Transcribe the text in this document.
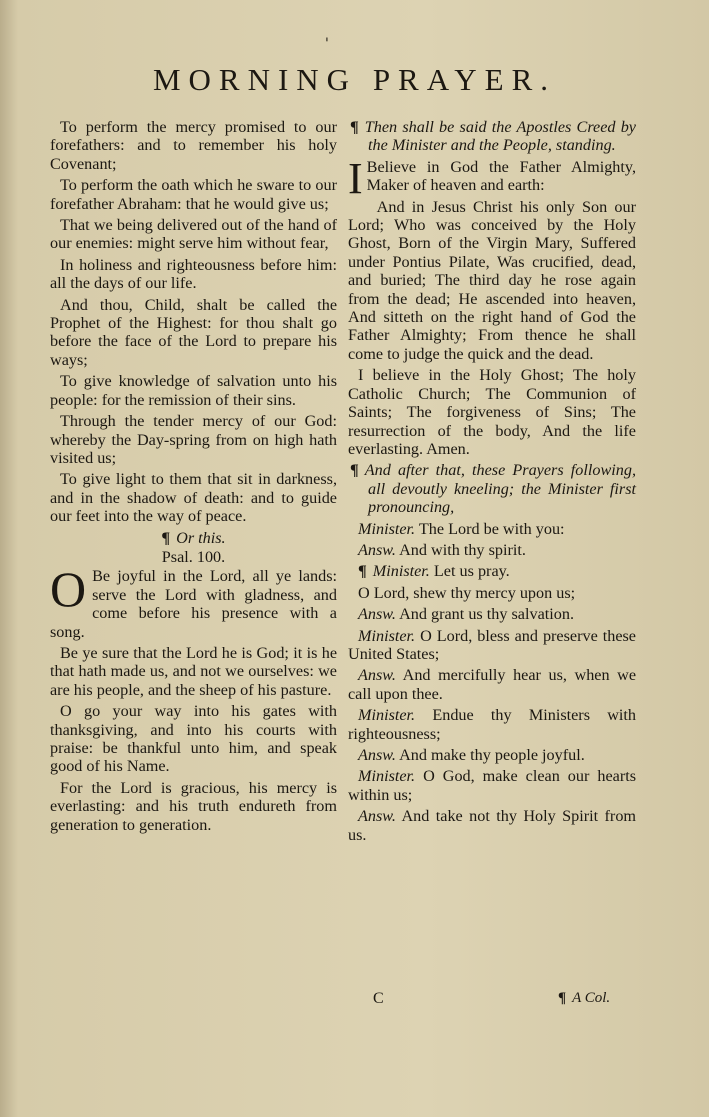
'
MORNING PRAYER.

To perform the mercy promised to our forefathers: and to remember his holy Covenant;

To perform the oath which he sware to our forefather Abraham: that he would give us;

That we being delivered out of the hand of our enemies: might serve him without fear,

In holiness and righteousness before him: all the days of our life.

And thou, Child, shalt be called the Prophet of the Highest: for thou shalt go before the face of the Lord to prepare his ways;

To give knowledge of salvation unto his people: for the remission of their sins.

Through the tender mercy of our God: whereby the Day-spring from on high hath visited us;

To give light to them that sit in darkness, and in the shadow of death: and to guide our feet into the way of peace.

¶ Or this.

Psal. 100.

O Be joyful in the Lord, all ye lands: serve the Lord with gladness, and come before his presence with a song.

Be ye sure that the Lord he is God; it is he that hath made us, and not we ourselves: we are his people, and the sheep of his pasture.

O go your way into his gates with thanksgiving, and into his courts with praise: be thankful unto him, and speak good of his Name.

For the Lord is gracious, his mercy is everlasting: and his truth endureth from generation to generation.

¶ Then shall be said the Apostles Creed by the Minister and the People, standing.

I Believe in God the Father Almighty, Maker of heaven and earth:

And in Jesus Christ his only Son our Lord; Who was conceived by the Holy Ghost, Born of the Virgin Mary, Suffered under Pontius Pilate, Was crucified, dead, and buried; The third day he rose again from the dead; He ascended into heaven, And sitteth on the right hand of God the Father Almighty; From thence he shall come to judge the quick and the dead.

I believe in the Holy Ghost; The holy Catholic Church; The Communion of Saints; The forgiveness of Sins; The resurrection of the body, And the life everlasting. Amen.

¶ And after that, these Prayers following, all devoutly kneeling; the Minister first pronouncing,

Minister. The Lord be with you:

Answ. And with thy spirit.

¶ Minister. Let us pray.

O Lord, shew thy mercy upon us;

Answ. And grant us thy salvation.

Minister. O Lord, bless and preserve these United States;

Answ. And mercifully hear us, when we call upon thee.

Minister. Endue thy Ministers with righteousness;

Answ. And make thy people joyful.

Minister. O God, make clean our hearts within us;

Answ. And take not thy Holy Spirit from us.

C	¶ A Col.
